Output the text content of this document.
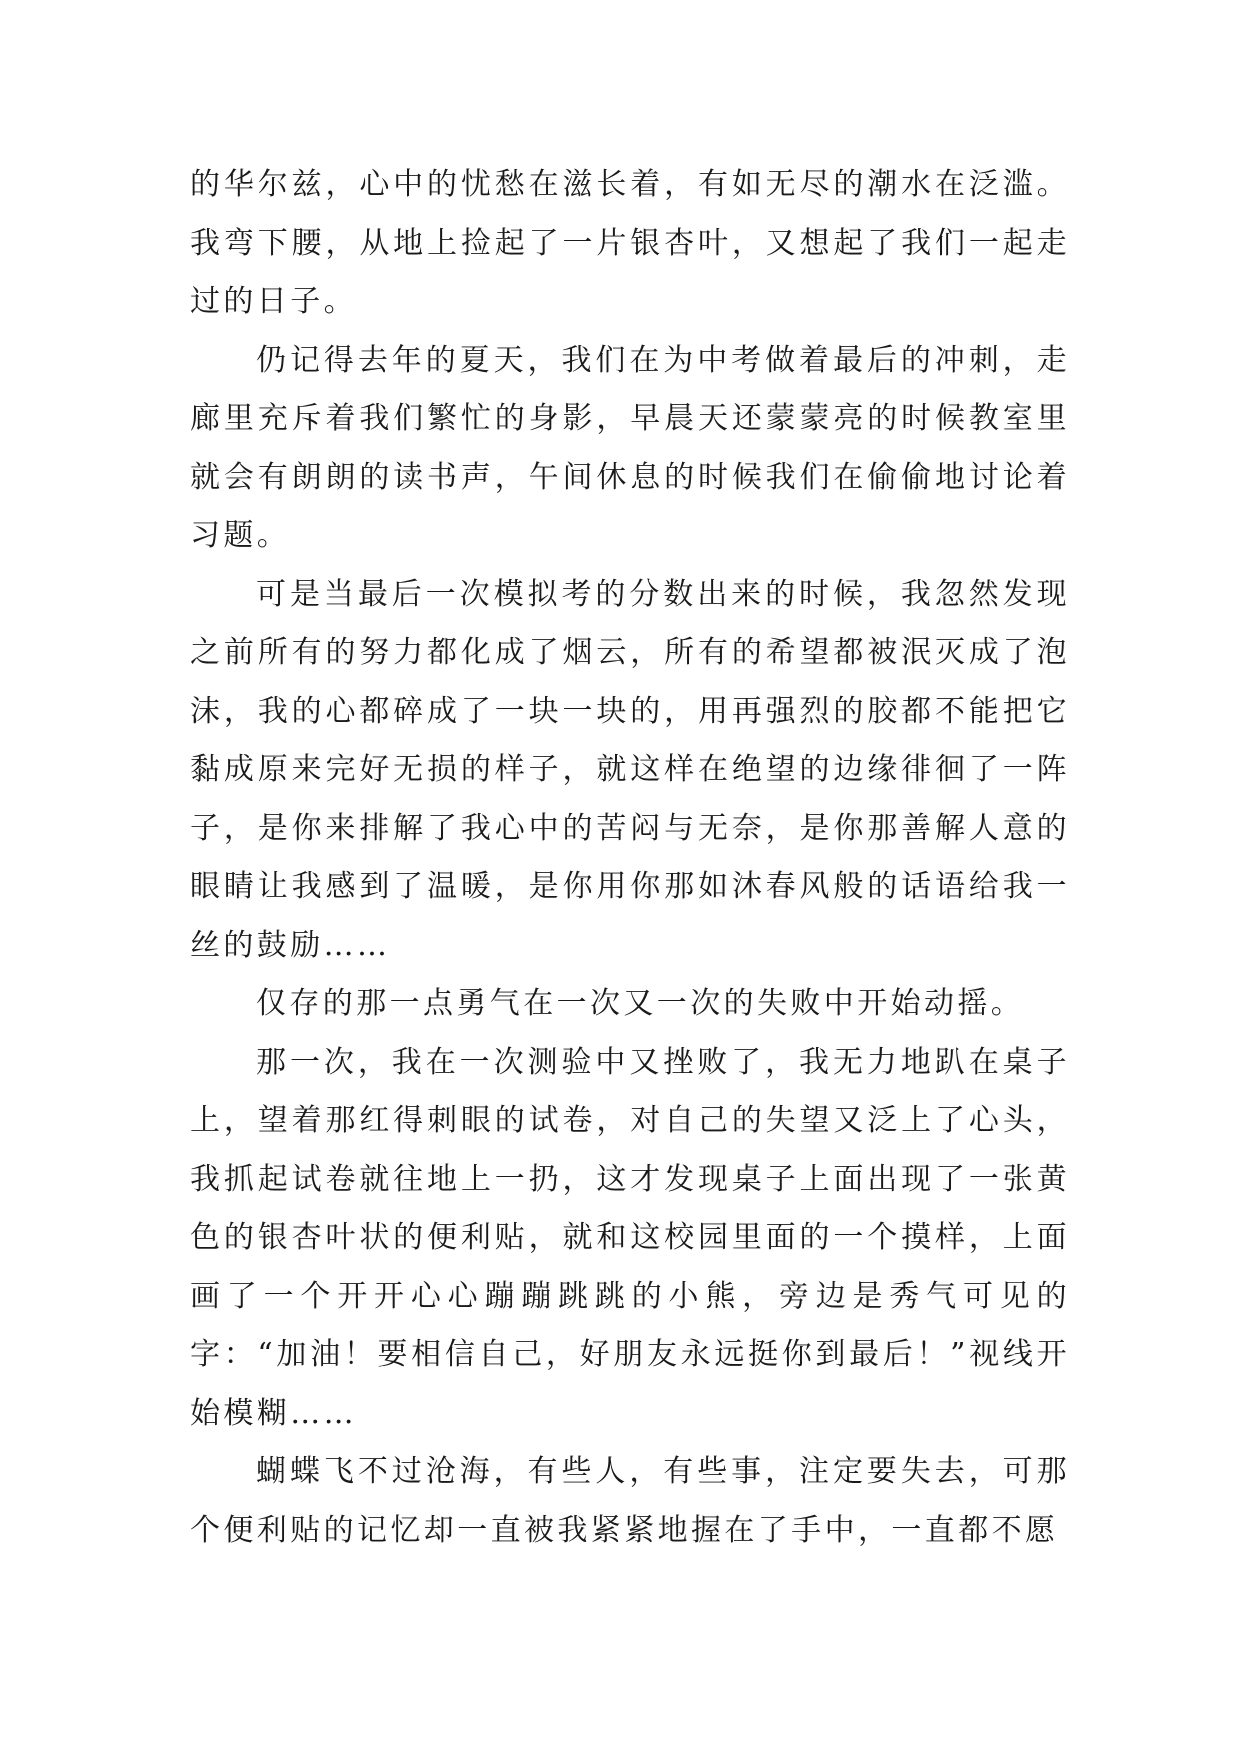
的华尔兹，心中的忧愁在滋长着，有如无尽的潮水在泛滥。我弯下腰，从地上捡起了一片银杏叶，又想起了我们一起走过的日子。

仍记得去年的夏天，我们在为中考做着最后的冲刺，走廊里充斥着我们繁忙的身影，早晨天还蒙蒙亮的时候教室里就会有朗朗的读书声，午间休息的时候我们在偷偷地讨论着习题。

可是当最后一次模拟考的分数出来的时候，我忽然发现之前所有的努力都化成了烟云，所有的希望都被泯灭成了泡沫，我的心都碎成了一块一块的，用再强烈的胶都不能把它黏成原来完好无损的样子，就这样在绝望的边缘徘徊了一阵子，是你来排解了我心中的苦闷与无奈，是你那善解人意的眼睛让我感到了温暖，是你用你那如沐春风般的话语给我一丝的鼓励……

仅存的那一点勇气在一次又一次的失败中开始动摇。

那一次，我在一次测验中又挫败了，我无力地趴在桌子上，望着那红得刺眼的试卷，对自己的失望又泛上了心头，我抓起试卷就往地上一扔，这才发现桌子上面出现了一张黄色的银杏叶状的便利贴，就和这校园里面的一个摸样，上面画了一个开开心心蹦蹦跳跳的小熊，旁边是秀气可见的字：“加油！要相信自己，好朋友永远挺你到最后！”视线开始模糊……

蝴蝶飞不过沧海，有些人，有些事，注定要失去，可那个便利贴的记忆却一直被我紧紧地握在了手中，一直都不愿
